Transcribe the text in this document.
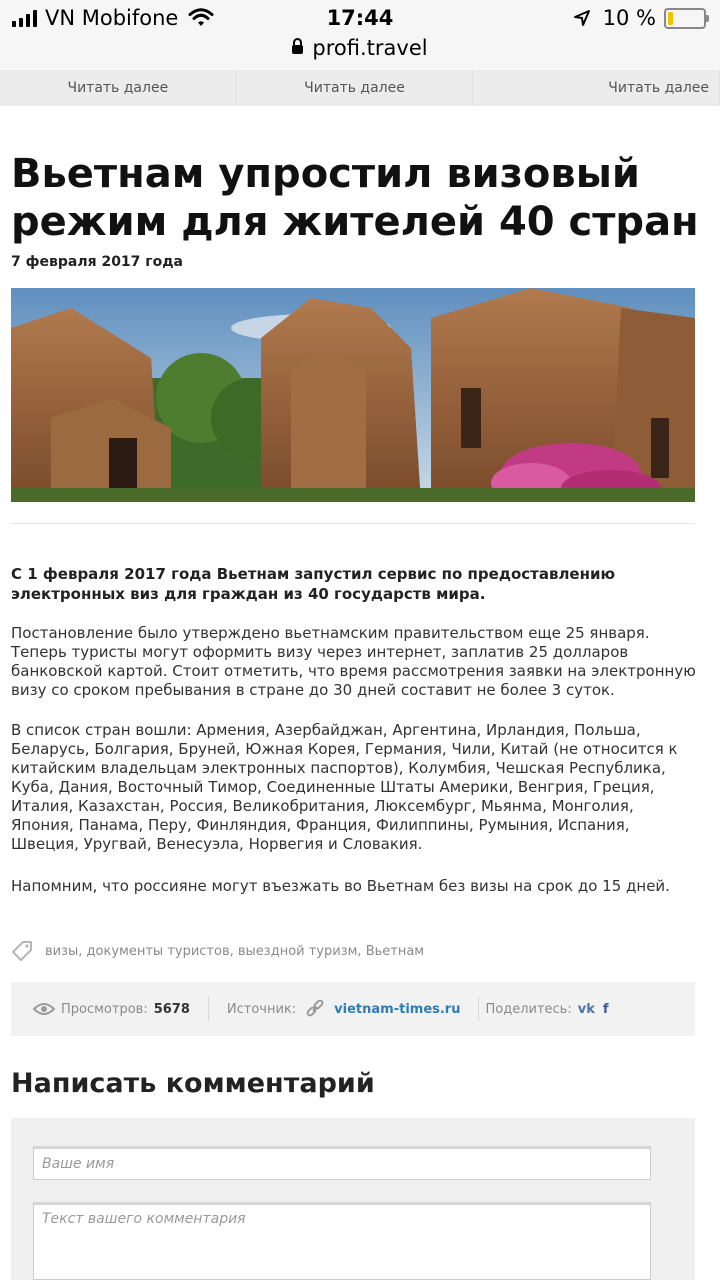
VN Mobifone	17:44	10 %
profi.travel
Читать далее	Читать далее	Читать далее
Вьетнам упростил визовый режим для жителей 40 стран
7 февраля 2017 года

С 1 февраля 2017 года Вьетнам запустил сервис по предоставлению электронных виз для граждан из 40 государств мира.

Постановление было утверждено вьетнамским правительством еще 25 января. Теперь туристы могут оформить визу через интернет, заплатив 25 долларов банковской картой. Стоит отметить, что время рассмотрения заявки на электронную визу со сроком пребывания в стране до 30 дней составит не более 3 суток.

В список стран вошли: Армения, Азербайджан, Аргентина, Ирландия, Польша, Беларусь, Болгария, Бруней, Южная Корея, Германия, Чили, Китай (не относится к китайским владельцам электронных паспортов), Колумбия, Чешская Республика, Куба, Дания, Восточный Тимор, Соединенные Штаты Америки, Венгрия, Греция, Италия, Казахстан, Россия, Великобритания, Люксембург, Мьянма, Монголия, Япония, Панама, Перу, Финляндия, Франция, Филиппины, Румыния, Испания, Швеция, Уругвай, Венесуэла, Норвегия и Словакия.

Напомним, что россияне могут въезжать во Вьетнам без визы на срок до 15 дней.

визы, документы туристов, выездной туризм, Вьетнам
Просмотров: 5678	Источник:	vietnam-times.ru Поделитесь: vk f
Написать комментарий
Ваше имя
Текст вашего комментария
